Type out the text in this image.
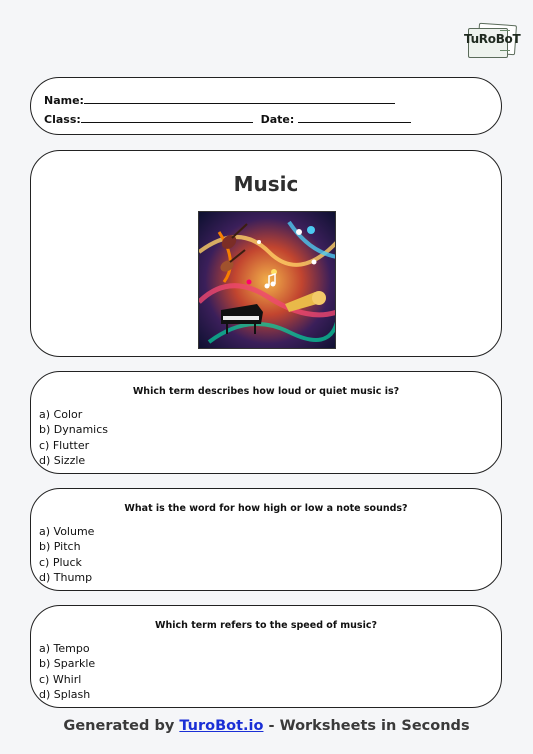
TuRoBoT
Name:
Class:	Date:
Music
Which term describes how loud or quiet music is?
a) Color
b) Dynamics
c) Flutter
d) Sizzle
What is the word for how high or low a note sounds?
a) Volume
b) Pitch
c) Pluck
d) Thump
Which term refers to the speed of music?
a) Tempo
b) Sparkle
c) Whirl
d) Splash
Generated by TuroBot.io - Worksheets in Seconds
